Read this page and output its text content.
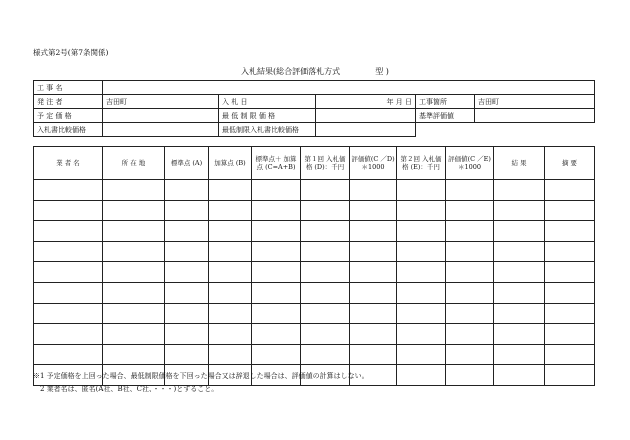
様式第2号(第7条関係)
入札結果(総合評価落札方式	型 )
工 事 名					
発 注 者	吉田町	入 札 日	年 月 日	工事箇所	吉田町
予 定 価 格		最 低 制 限 価 格		基準評価値	
入札書比較価格		最低制限入札書比較価格			
業 者 名	所 在 地	標準点 (A)	加算点 (B)	標準点＋ 加算点 (C=A+B)	第１回 入札価格 (D)：千円	評価値(C ／D)＊1000	第２回 入札価格 (E)：千円	評価値(C ／E)＊1000	結 果	摘 要

※1 予定価格を上回った場合、最低制限価格を下回った場合又は辞退した場合は、評価値の計算はしない。
2 業者名は、匿名(A社、B社、C社、・・・)とすること。
